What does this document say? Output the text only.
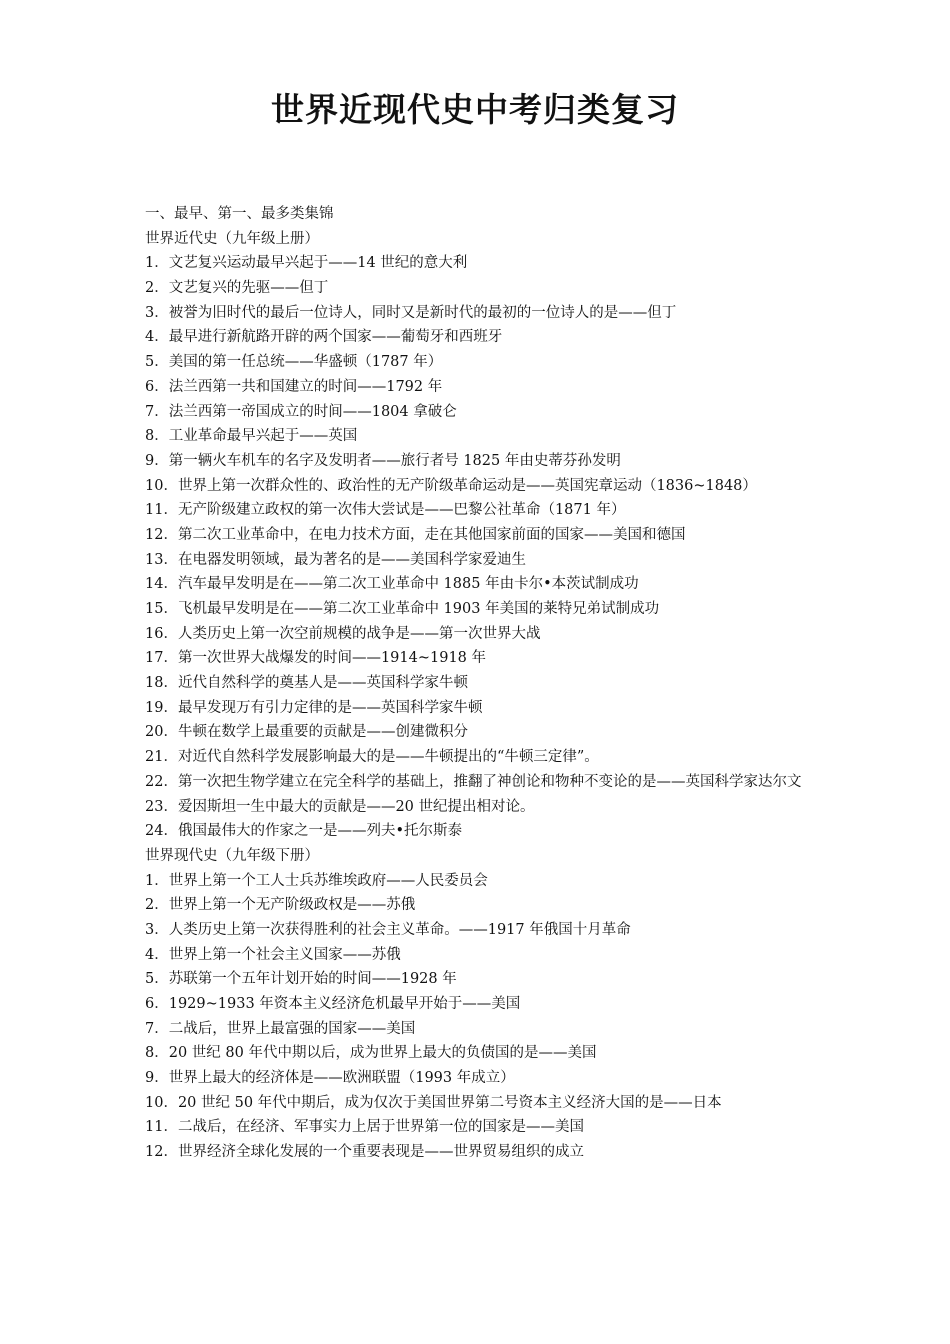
世界近现代史中考归类复习
一、最早、第一、最多类集锦
世界近代史（九年级上册）
1．文艺复兴运动最早兴起于——14 世纪的意大利
2．文艺复兴的先驱——但丁
3．被誉为旧时代的最后一位诗人，同时又是新时代的最初的一位诗人的是——但丁
4．最早进行新航路开辟的两个国家——葡萄牙和西班牙
5．美国的第一任总统——华盛顿（1787 年）
6．法兰西第一共和国建立的时间——1792 年
7．法兰西第一帝国成立的时间——1804 拿破仑
8．工业革命最早兴起于——英国
9．第一辆火车机车的名字及发明者——旅行者号 1825 年由史蒂芬孙发明
10．世界上第一次群众性的、政治性的无产阶级革命运动是——英国宪章运动（1836~1848）
11．无产阶级建立政权的第一次伟大尝试是——巴黎公社革命（1871 年）
12．第二次工业革命中，在电力技术方面，走在其他国家前面的国家——美国和德国
13．在电器发明领域，最为著名的是——美国科学家爱迪生
14．汽车最早发明是在——第二次工业革命中 1885 年由卡尔•本茨试制成功
15．飞机最早发明是在——第二次工业革命中 1903 年美国的莱特兄弟试制成功
16．人类历史上第一次空前规模的战争是——第一次世界大战
17．第一次世界大战爆发的时间——1914~1918 年
18．近代自然科学的奠基人是——英国科学家牛顿
19．最早发现万有引力定律的是——英国科学家牛顿
20．牛顿在数学上最重要的贡献是——创建微积分
21．对近代自然科学发展影响最大的是——牛顿提出的“牛顿三定律”。
22．第一次把生物学建立在完全科学的基础上，推翻了神创论和物种不变论的是——英国科学家达尔文
23．爱因斯坦一生中最大的贡献是——20 世纪提出相对论。
24．俄国最伟大的作家之一是——列夫•托尔斯泰
世界现代史（九年级下册）
1．世界上第一个工人士兵苏维埃政府——人民委员会
2．世界上第一个无产阶级政权是——苏俄
3．人类历史上第一次获得胜利的社会主义革命。——1917 年俄国十月革命
4．世界上第一个社会主义国家——苏俄
5．苏联第一个五年计划开始的时间——1928 年
6．1929~1933 年资本主义经济危机最早开始于——美国
7．二战后，世界上最富强的国家——美国
8．20 世纪 80 年代中期以后，成为世界上最大的负债国的是——美国
9．世界上最大的经济体是——欧洲联盟（1993 年成立）
10．20 世纪 50 年代中期后，成为仅次于美国世界第二号资本主义经济大国的是——日本
11．二战后，在经济、军事实力上居于世界第一位的国家是——美国
12．世界经济全球化发展的一个重要表现是——世界贸易组织的成立
